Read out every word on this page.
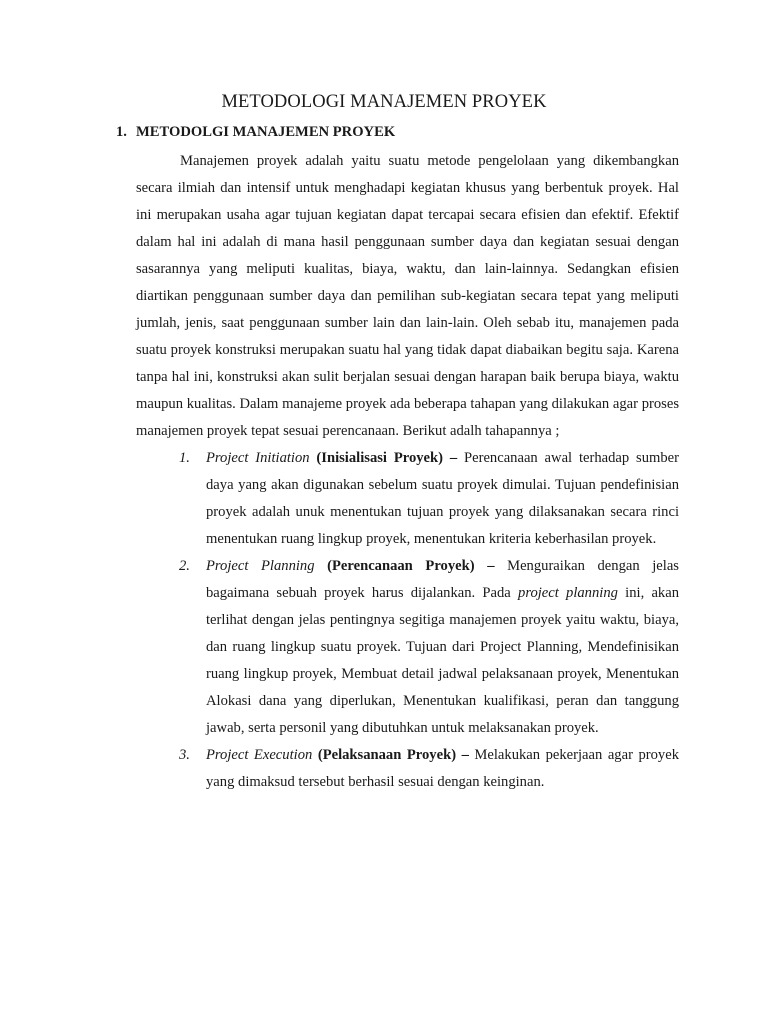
METODOLOGI MANAJEMEN PROYEK
1. METODOLGI MANAJEMEN PROYEK

Manajemen proyek adalah yaitu suatu metode pengelolaan yang dikembangkan secara ilmiah dan intensif untuk menghadapi kegiatan khusus yang berbentuk proyek. Hal ini merupakan usaha agar tujuan kegiatan dapat tercapai secara efisien dan efektif. Efektif dalam hal ini adalah di mana hasil penggunaan sumber daya dan kegiatan sesuai dengan sasarannya yang meliputi kualitas, biaya, waktu, dan lain-lainnya. Sedangkan efisien diartikan penggunaan sumber daya dan pemilihan sub-kegiatan secara tepat yang meliputi jumlah, jenis, saat penggunaan sumber lain dan lain-lain. Oleh sebab itu, manajemen pada suatu proyek konstruksi merupakan suatu hal yang tidak dapat diabaikan begitu saja. Karena tanpa hal ini, konstruksi akan sulit berjalan sesuai dengan harapan baik berupa biaya, waktu maupun kualitas. Dalam manajeme proyek ada beberapa tahapan yang dilakukan agar proses manajemen proyek tepat sesuai perencanaan. Berikut adalh tahapannya ;

1. Project Initiation (Inisialisasi Proyek) – Perencanaan awal terhadap sumber daya yang akan digunakan sebelum suatu proyek dimulai. Tujuan pendefinisian proyek adalah unuk menentukan tujuan proyek yang dilaksanakan secara rinci menentukan ruang lingkup proyek, menentukan kriteria keberhasilan proyek.
2. Project Planning (Perencanaan Proyek) – Menguraikan dengan jelas bagaimana sebuah proyek harus dijalankan. Pada project planning ini, akan terlihat dengan jelas pentingnya segitiga manajemen proyek yaitu waktu, biaya, dan ruang lingkup suatu proyek. Tujuan dari Project Planning, Mendefinisikan ruang lingkup proyek, Membuat detail jadwal pelaksanaan proyek, Menentukan Alokasi dana yang diperlukan, Menentukan kualifikasi, peran dan tanggung jawab, serta personil yang dibutuhkan untuk melaksanakan proyek.
3. Project Execution (Pelaksanaan Proyek) – Melakukan pekerjaan agar proyek yang dimaksud tersebut berhasil sesuai dengan keinginan.
